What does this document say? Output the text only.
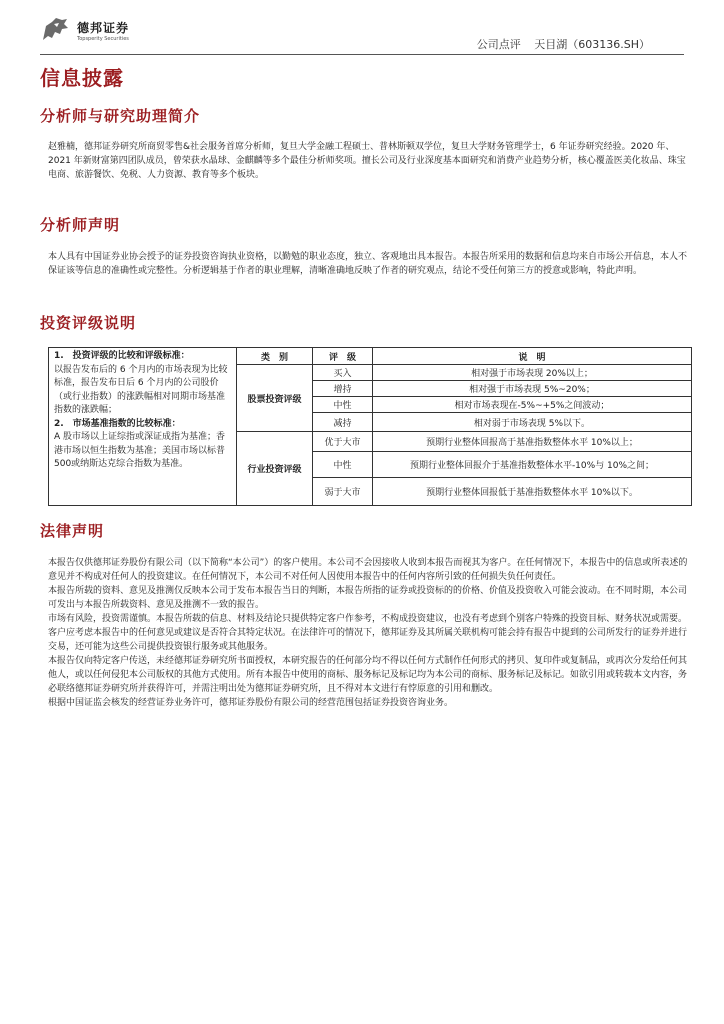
德邦证券
Topsperity Securities	公司点评 天目湖（603136.SH）
信息披露
分析师与研究助理简介

赵雅楠，德邦证券研究所商贸零售&社会服务首席分析师，复旦大学金融工程硕士、普林斯顿双学位，复旦大学财务管理学士，6 年证券研究经验。2020 年、2021 年新财富第四团队成员，曾荣获水晶球、金麒麟等多个最佳分析师奖项。擅长公司及行业深度基本面研究和消费产业趋势分析，核心覆盖医美化妆品、珠宝电商、旅游餐饮、免税、人力资源、教育等多个板块。

分析师声明

本人具有中国证券业协会授予的证券投资咨询执业资格，以勤勉的职业态度，独立、客观地出具本报告。本报告所采用的数据和信息均来自市场公开信息，本人不保证该等信息的准确性或完整性。分析逻辑基于作者的职业理解，清晰准确地反映了作者的研究观点，结论不受任何第三方的授意或影响，特此声明。

投资评级说明
1.　投资评级的比较和评级标准：
以报告发布后的 6 个月内的市场表现为比较标准，报告发布日后 6 个月内的公司股价（或行业指数）的涨跌幅相对同期市场基准指数的涨跌幅；
2.　市场基准指数的比较标准：
A 股市场以上证综指或深证成指为基准；香港市场以恒生指数为基准；美国市场以标普500或纳斯达克综合指数为基准。	类　别	评　级	说　明
	股票投资评级	买入	相对强于市场表现 20%以上；
		增持	相对强于市场表现 5%~20%；
		中性	相对市场表现在-5%~+5%之间波动；
		减持	相对弱于市场表现 5%以下。
	行业投资评级	优于大市	预期行业整体回报高于基准指数整体水平 10%以上；
		中性	预期行业整体回报介于基准指数整体水平-10%与 10%之间；
		弱于大市	预期行业整体回报低于基准指数整体水平 10%以下。
法律声明

本报告仅供德邦证券股份有限公司（以下简称“本公司”）的客户使用。本公司不会因接收人收到本报告而视其为客户。在任何情况下，本报告中的信息或所表述的意见并不构成对任何人的投资建议。在任何情况下，本公司不对任何人因使用本报告中的任何内容所引致的任何损失负任何责任。

本报告所载的资料、意见及推测仅反映本公司于发布本报告当日的判断，本报告所指的证券或投资标的的价格、价值及投资收入可能会波动。在不同时期，本公司可发出与本报告所载资料、意见及推测不一致的报告。

市场有风险，投资需谨慎。本报告所载的信息、材料及结论只提供特定客户作参考，不构成投资建议，也没有考虑到个别客户特殊的投资目标、财务状况或需要。客户应考虑本报告中的任何意见或建议是否符合其特定状况。在法律许可的情况下，德邦证券及其所属关联机构可能会持有报告中提到的公司所发行的证券并进行交易，还可能为这些公司提供投资银行服务或其他服务。

本报告仅向特定客户传送，未经德邦证券研究所书面授权，本研究报告的任何部分均不得以任何方式制作任何形式的拷贝、复印件或复制品，或再次分发给任何其他人，或以任何侵犯本公司版权的其他方式使用。所有本报告中使用的商标、服务标记及标记均为本公司的商标、服务标记及标记。如欲引用或转载本文内容，务必联络德邦证券研究所并获得许可，并需注明出处为德邦证券研究所，且不得对本文进行有悖原意的引用和删改。

根据中国证监会核发的经营证券业务许可，德邦证券股份有限公司的经营范围包括证券投资咨询业务。
